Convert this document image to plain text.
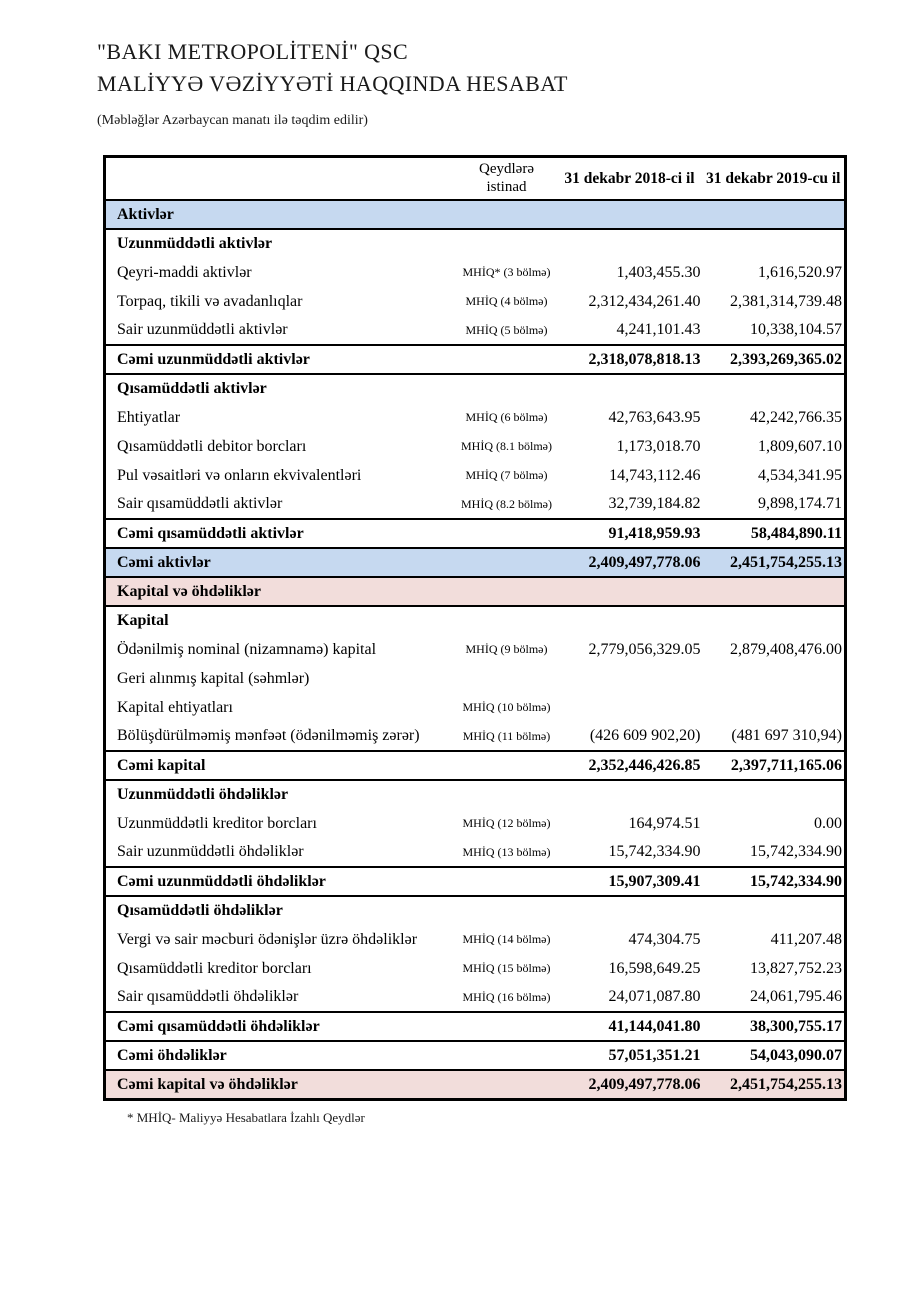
"BAKI METROPOLİTENİ" QSC
MALİYYƏ VƏZİYYƏTİ HAQQINDA HESABAT
(Məbləğlər Azərbaycan manatı ilə təqdim edilir)
	Qeydlərə istinad	31 dekabr 2018-ci il	31 dekabr 2019-cu il
Aktivlər			
Uzunmüddətli aktivlər			
Qeyri-maddi aktivlər	MHİQ* (3 bölmə)	1,403,455.30	1,616,520.97
Torpaq, tikili və avadanlıqlar	MHİQ (4 bölmə)	2,312,434,261.40	2,381,314,739.48
Sair uzunmüddətli aktivlər	MHİQ (5 bölmə)	4,241,101.43	10,338,104.57
Cəmi uzunmüddətli aktivlər		2,318,078,818.13	2,393,269,365.02
Qısamüddətli aktivlər			
Ehtiyatlar	MHİQ (6 bölmə)	42,763,643.95	42,242,766.35
Qısamüddətli debitor borcları	MHİQ (8.1 bölmə)	1,173,018.70	1,809,607.10
Pul vəsaitləri və onların ekvivalentləri	MHİQ (7 bölmə)	14,743,112.46	4,534,341.95
Sair qısamüddətli aktivlər	MHİQ (8.2 bölmə)	32,739,184.82	9,898,174.71
Cəmi qısamüddətli aktivlər		91,418,959.93	58,484,890.11
Cəmi aktivlər		2,409,497,778.06	2,451,754,255.13
Kapital və öhdəliklər			
Kapital			
Ödənilmiş nominal (nizamnamə) kapital	MHİQ (9 bölmə)	2,779,056,329.05	2,879,408,476.00
Geri alınmış kapital (səhmlər)			
Kapital ehtiyatları	MHİQ (10 bölmə)		
Bölüşdürülməmiş mənfəət (ödənilməmiş zərər)	MHİQ (11 bölmə)	(426 609 902,20)	(481 697 310,94)
Cəmi kapital		2,352,446,426.85	2,397,711,165.06
Uzunmüddətli öhdəliklər			
Uzunmüddətli kreditor borcları	MHİQ (12 bölmə)	164,974.51	0.00
Sair uzunmüddətli öhdəliklər	MHİQ (13 bölmə)	15,742,334.90	15,742,334.90
Cəmi uzunmüddətli öhdəliklər		15,907,309.41	15,742,334.90
Qısamüddətli öhdəliklər			
Vergi və sair məcburi ödənişlər üzrə öhdəliklər	MHİQ (14 bölmə)	474,304.75	411,207.48
Qısamüddətli kreditor borcları	MHİQ (15 bölmə)	16,598,649.25	13,827,752.23
Sair qısamüddətli öhdəliklər	MHİQ (16 bölmə)	24,071,087.80	24,061,795.46
Cəmi qısamüddətli öhdəliklər		41,144,041.80	38,300,755.17
Cəmi öhdəliklər		57,051,351.21	54,043,090.07
Cəmi kapital və öhdəliklər		2,409,497,778.06	2,451,754,255.13
* MHİQ- Maliyyə Hesabatlara İzahlı Qeydlər
